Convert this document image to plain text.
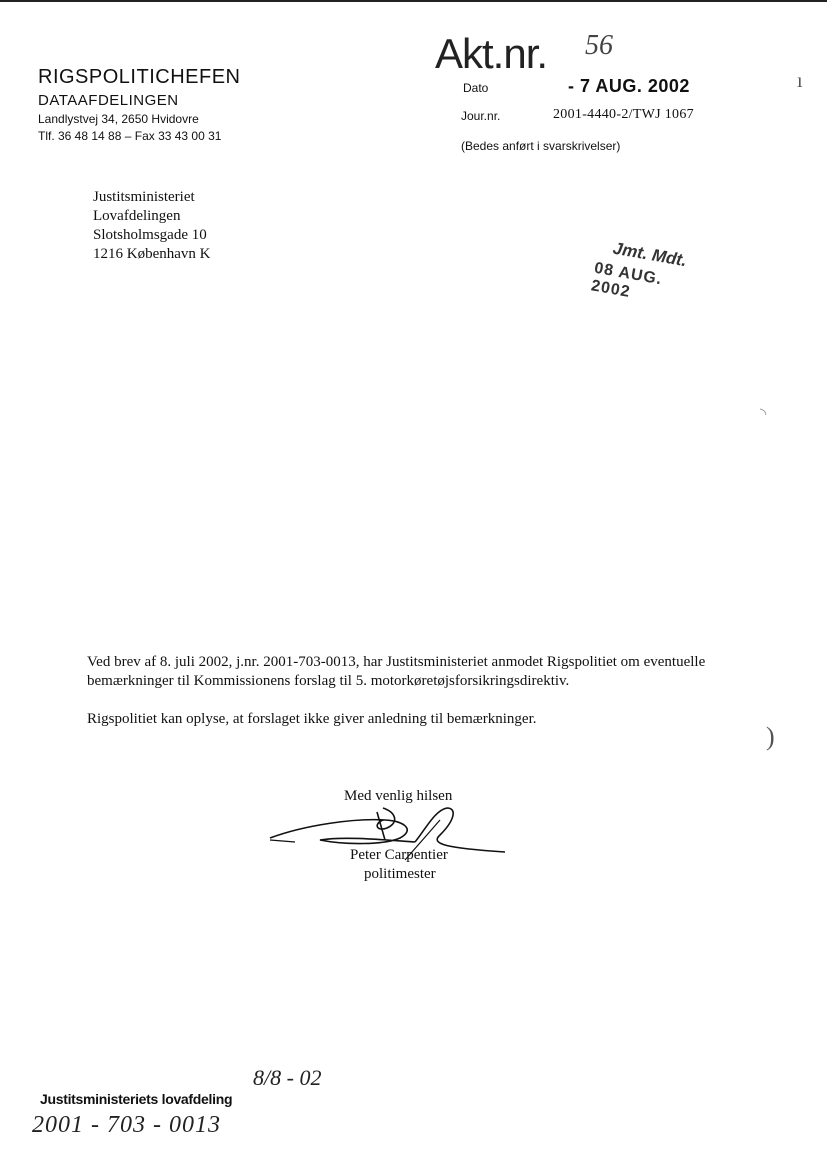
RIGSPOLITICHEFEN
DATAAFDELINGEN
Landlystvej 34, 2650 Hvidovre
Tlf. 36 48 14 88 – Fax 33 43 00 31
Akt.nr. 56
Dato	- 7 AUG. 2002
Jour.nr.	2001-4440-2/TWJ 1067
(Bedes anført i svarskrivelser)
Justitsministeriet
Lovafdelingen
Slotsholmsgade 10
1216 København K	Jmt. Mdt.
08 AUG. 2002
ı
)
◝
Ved brev af 8. juli 2002, j.nr. 2001-703-0013, har Justitsministeriet anmodet Rigspolitiet om eventuelle bemærkninger til Kommissionens forslag til 5. motorkøretøjsforsikringsdirektiv.
Rigspolitiet kan oplyse, at forslaget ikke giver anledning til bemærkninger.
Med venlig hilsen
Peter Carpentier
politimester
Justitsministeriets lovafdeling
8/8 - 02
2001 - 703 - 0013
